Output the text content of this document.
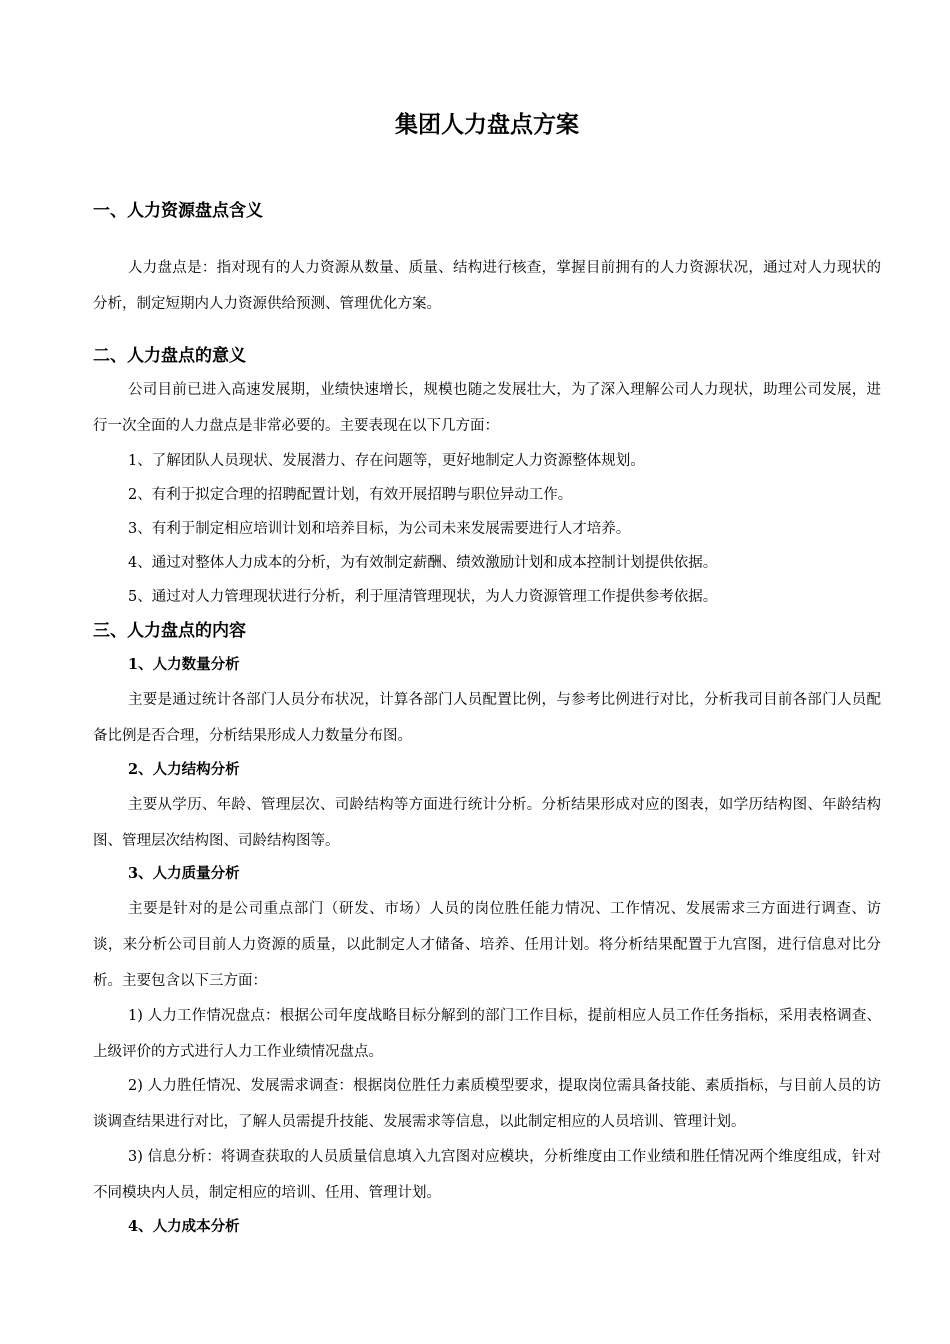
集团人力盘点方案
一、人力资源盘点含义

人力盘点是：指对现有的人力资源从数量、质量、结构进行核查，掌握目前拥有的人力资源状况，通过对人力现状的分析，制定短期内人力资源供给预测、管理优化方案。

二、人力盘点的意义

公司目前已进入高速发展期，业绩快速增长，规模也随之发展壮大，为了深入理解公司人力现状，助理公司发展，进行一次全面的人力盘点是非常必要的。主要表现在以下几方面：

1、了解团队人员现状、发展潜力、存在问题等，更好地制定人力资源整体规划。

2、有利于拟定合理的招聘配置计划，有效开展招聘与职位异动工作。

3、有利于制定相应培训计划和培养目标，为公司未来发展需要进行人才培养。

4、通过对整体人力成本的分析，为有效制定薪酬、绩效激励计划和成本控制计划提供依据。

5、通过对人力管理现状进行分析，利于厘清管理现状，为人力资源管理工作提供参考依据。

三、人力盘点的内容
1、人力数量分析

主要是通过统计各部门人员分布状况，计算各部门人员配置比例，与参考比例进行对比，分析我司目前各部门人员配备比例是否合理，分析结果形成人力数量分布图。

2、人力结构分析

主要从学历、年龄、管理层次、司龄结构等方面进行统计分析。分析结果形成对应的图表，如学历结构图、年龄结构图、管理层次结构图、司龄结构图等。

3、人力质量分析

主要是针对的是公司重点部门（研发、市场）人员的岗位胜任能力情况、工作情况、发展需求三方面进行调查、访谈，来分析公司目前人力资源的质量，以此制定人才储备、培养、任用计划。将分析结果配置于九宫图，进行信息对比分析。主要包含以下三方面：

1) 人力工作情况盘点：根据公司年度战略目标分解到的部门工作目标，提前相应人员工作任务指标，采用表格调查、上级评价的方式进行人力工作业绩情况盘点。

2) 人力胜任情况、发展需求调查：根据岗位胜任力素质模型要求，提取岗位需具备技能、素质指标，与目前人员的访谈调查结果进行对比，了解人员需提升技能、发展需求等信息，以此制定相应的人员培训、管理计划。

3) 信息分析：将调查获取的人员质量信息填入九宫图对应模块，分析维度由工作业绩和胜任情况两个维度组成，针对不同模块内人员，制定相应的培训、任用、管理计划。

4、人力成本分析
